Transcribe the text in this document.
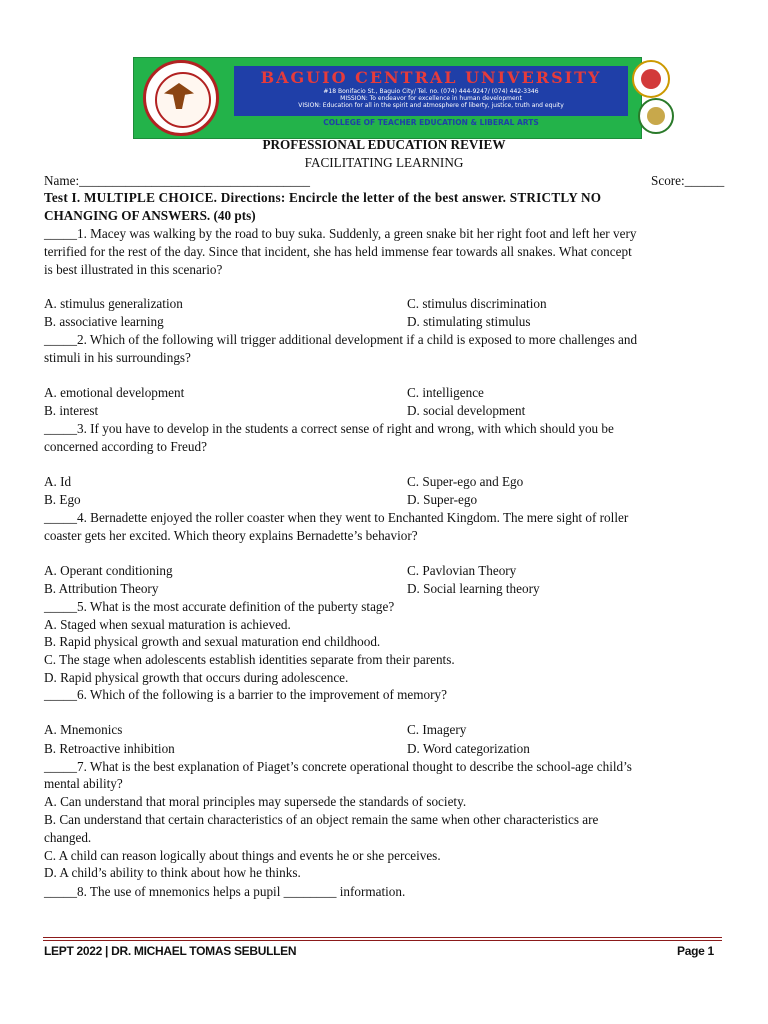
BAGUIO CENTRAL UNIVERSITY
#18 Bonifacio St., Baguio City/ Tel. no. (074) 444-9247/ (074) 442-3346
MISSION: To endeavor for excellence in human development
VISION: Education for all in the spirit and atmosphere of liberty, justice, truth and equity
COLLEGE OF TEACHER EDUCATION & LIBERAL ARTS
PROFESSIONAL EDUCATION REVIEW
FACILITATING LEARNING
Name:___________________________________	Score:______
Test I. MULTIPLE CHOICE. Directions: Encircle the letter of the best answer. STRICTLY NO
CHANGING OF ANSWERS. (40 pts)
_____1. Macey was walking by the road to buy suka. Suddenly, a green snake bit her right foot and left her very
terrified for the rest of the day. Since that incident, she has held immense fear towards all snakes. What concept
is best illustrated in this scenario?
A. stimulus generalization	C. stimulus discrimination
B. associative learning	D. stimulating stimulus
_____2. Which of the following will trigger additional development if a child is exposed to more challenges and
stimuli in his surroundings?
A. emotional development	C. intelligence
B. interest	D. social development
_____3. If you have to develop in the students a correct sense of right and wrong, with which should you be
concerned according to Freud?
A. Id	C. Super-ego and Ego
B. Ego	D. Super-ego
_____4. Bernadette enjoyed the roller coaster when they went to Enchanted Kingdom. The mere sight of roller
coaster gets her excited. Which theory explains Bernadette’s behavior?
A. Operant conditioning	C. Pavlovian Theory
B. Attribution Theory	D. Social learning theory
_____5. What is the most accurate definition of the puberty stage?
A. Staged when sexual maturation is achieved.
B. Rapid physical growth and sexual maturation end childhood.
C. The stage when adolescents establish identities separate from their parents.
D. Rapid physical growth that occurs during adolescence.
_____6. Which of the following is a barrier to the improvement of memory?
A. Mnemonics	C. Imagery
B. Retroactive inhibition	D. Word categorization
_____7. What is the best explanation of Piaget’s concrete operational thought to describe the school-age child’s
mental ability?
A. Can understand that moral principles may supersede the standards of society.
B. Can understand that certain characteristics of an object remain the same when other characteristics are
changed.
C. A child can reason logically about things and events he or she perceives.
D. A child’s ability to think about how he thinks.
_____8. The use of mnemonics helps a pupil ________ information.
LEPT 2022 | DR. MICHAEL TOMAS SEBULLEN	Page 1
